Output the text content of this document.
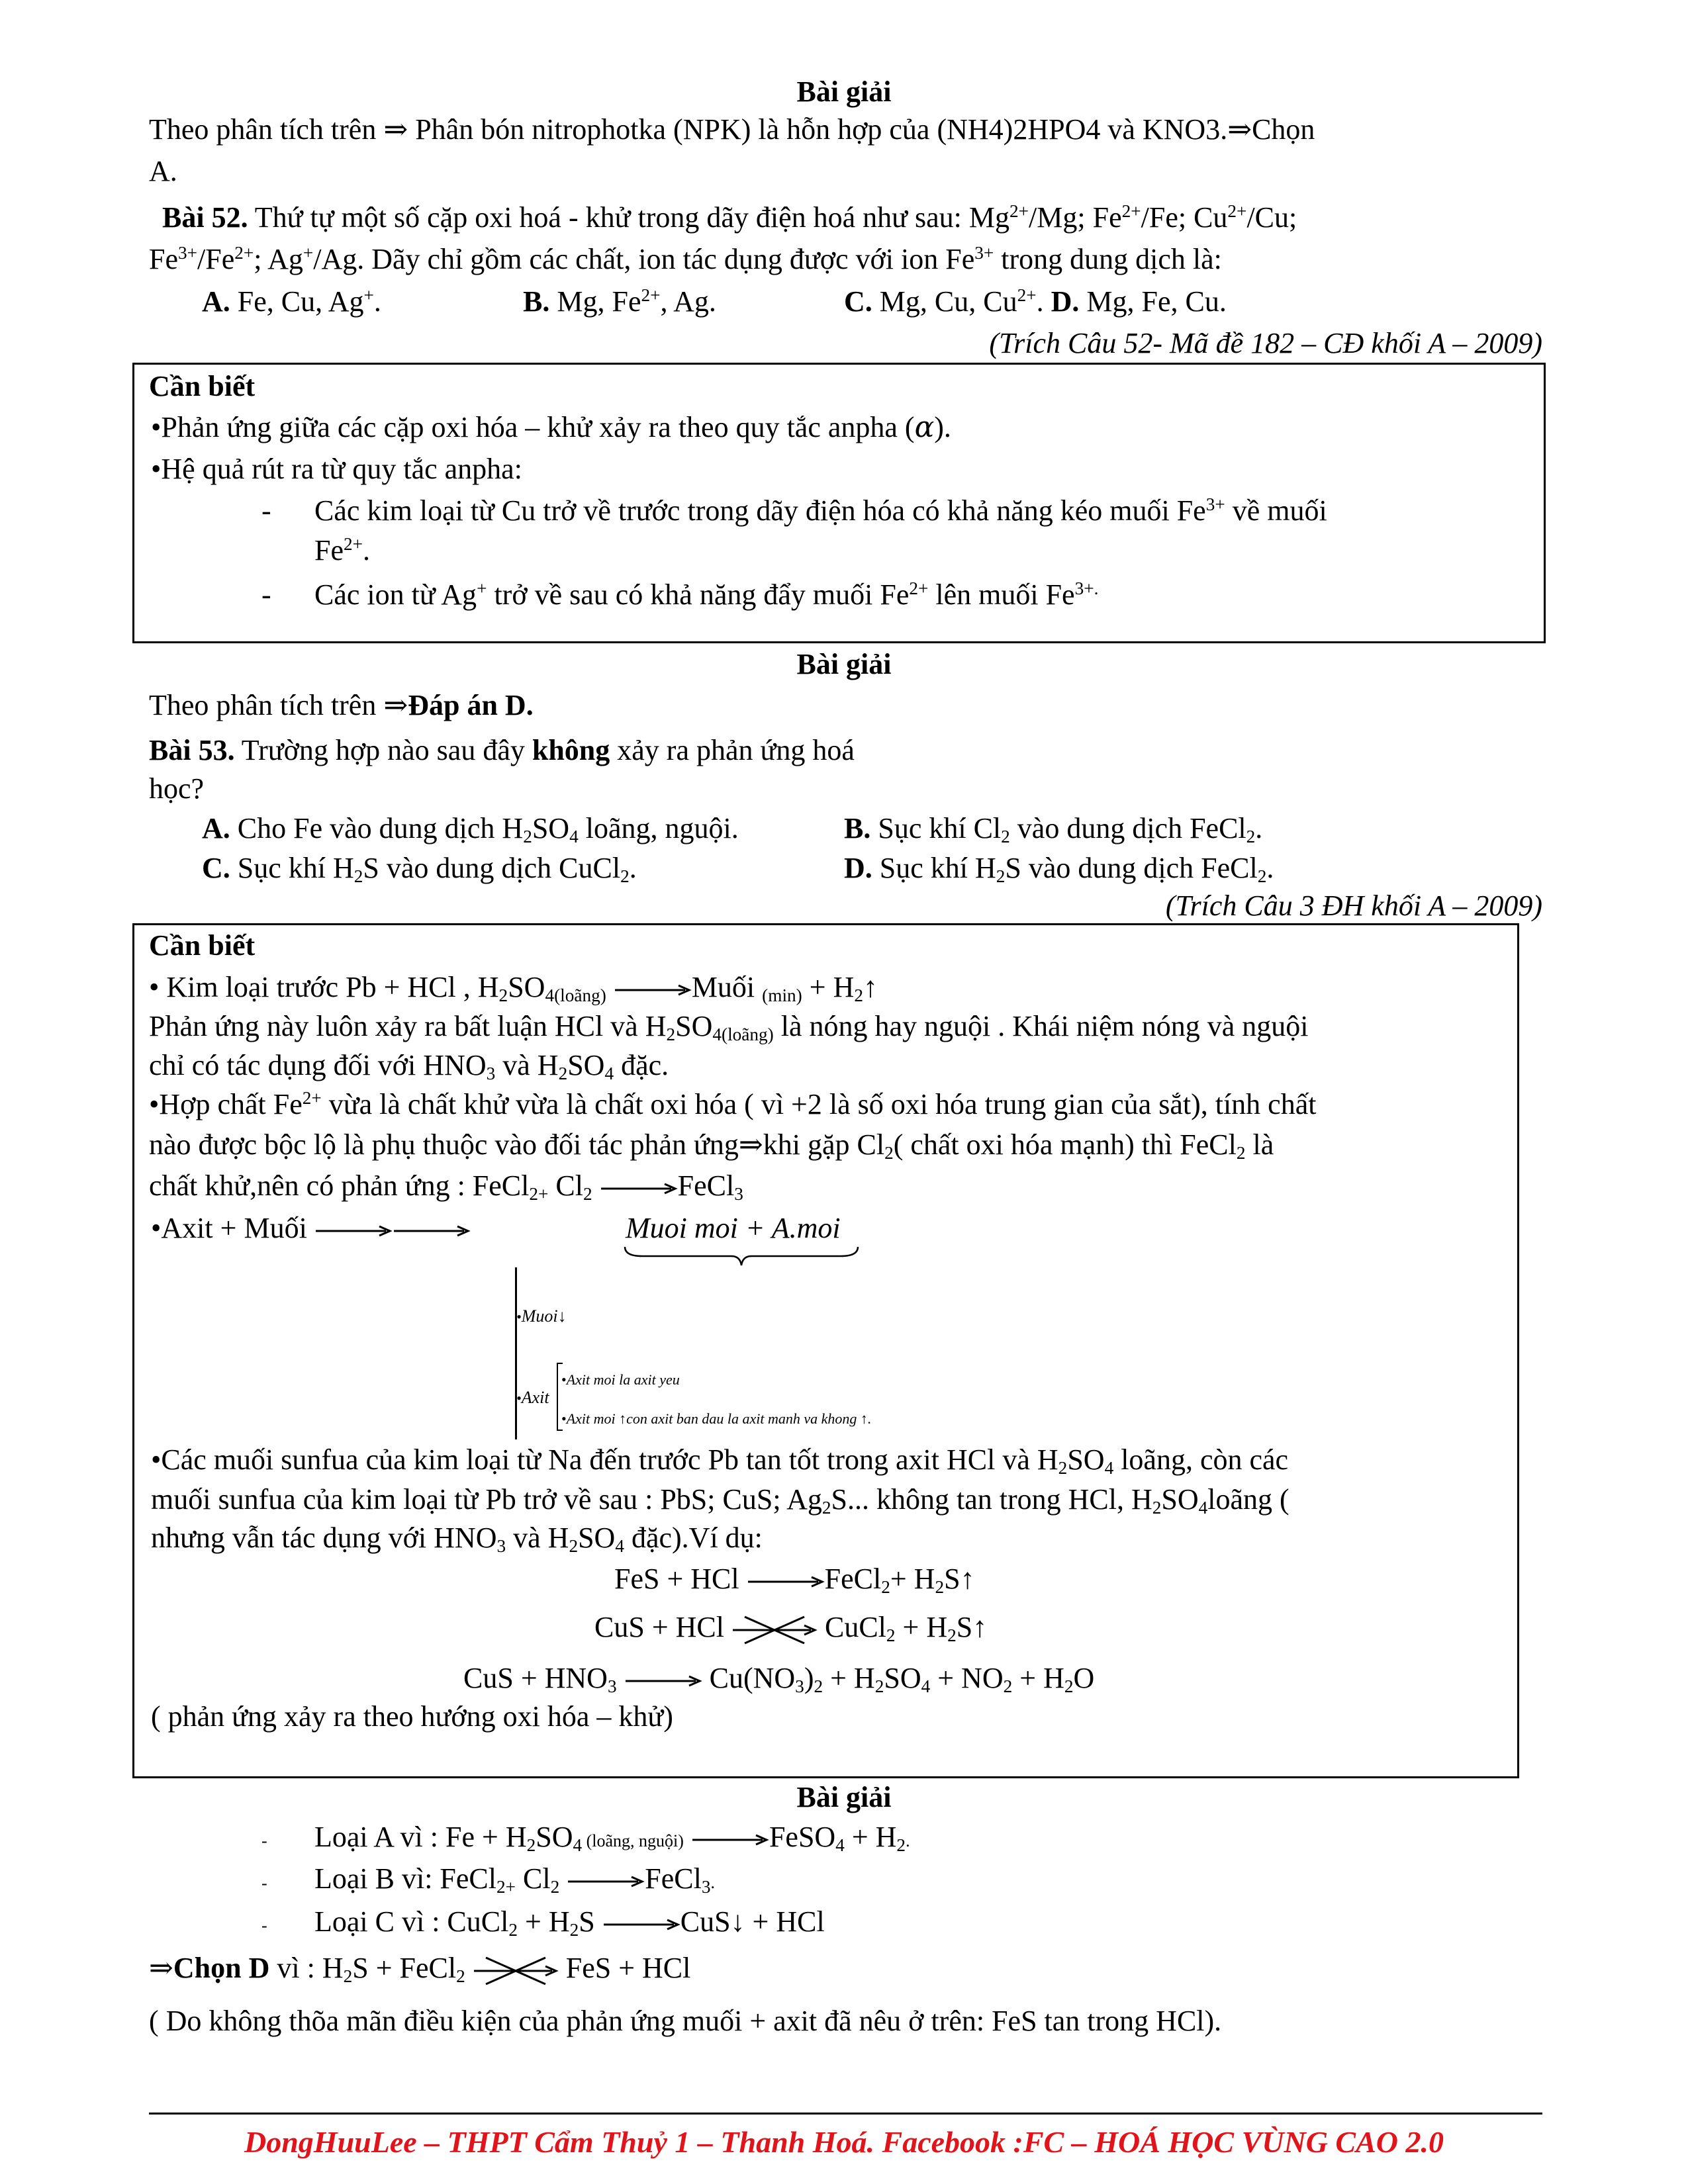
Bài giải
Theo phân tích trên ⇒ Phân bón nitrophotka (NPK) là hỗn hợp của (NH4)2HPO4 và KNO3.⇒Chọn
A.
Bài 52. Thứ tự một số cặp oxi hoá - khử trong dãy điện hoá như sau: $Mg^{2+}/Mg$; $Fe^{2+}/Fe$; $Cu^{2+}/Cu$;
$Fe^{3+}/Fe^{2+}$; Ag+/Ag. Dãy chỉ gồm các chất, ion tác dụng được với ion $Fe^{3+}$ trong dung dịch là:
A. Fe, Cu, Ag+.	B. Mg, $Fe^{2+}$, Ag.	C. Mg, Cu, $Cu^{2+}$. D. Mg, Fe, Cu.
(Trích Câu 52- Mã đề 182 – CĐ khối A – 2009)
Cần biết
•Phản ứng giữa các cặp oxi hóa – khử xảy ra theo quy tắc anpha (α).
•Hệ quả rút ra từ quy tắc anpha:
- Các kim loại từ Cu trở về trước trong dãy điện hóa có khả năng kéo muối $Fe^{3+}$ về muối
$Fe^{2+}$.
- Các ion từ Ag+ trở về sau có khả năng đẩy muối $Fe^{2+}$ lên muối $Fe^{3+.}$
Bài giải
Theo phân tích trên ⇒Đáp án D.
Bài 53. Trường hợp nào sau đây không xảy ra phản ứng hoá
học?
A. Cho Fe vào dung dịch $H_2SO_4$ loãng, nguội.	B. Sục khí $Cl_2$ vào dung dịch FeCl$_2$.
C. Sục khí $H_2S$ vào dung dịch CuCl$_2$.	D. Sục khí $H_2S$ vào dung dịch FeCl$_2$.
(Trích Câu 3 ĐH khối A – 2009)
Cần biết
• Kim loại trước Pb + HCl , $H_2SO_{4(loãng)}$ →Muối $_{(min)} + H_2↑$
Phản ứng này luôn xảy ra bất luận HCl và $H_2SO_{4(loãng)}$ là nóng hay nguội . Khái niệm nóng và nguội
chỉ có tác dụng đối với $HNO_3$ và $H_2SO_4$ đặc.
•Hợp chất $Fe^{2+}$ vừa là chất khử vừa là chất oxi hóa ( vì +2 là số oxi hóa trung gian của sắt), tính chất
nào được bộc lộ là phụ thuộc vào đối tác phản ứng⇒khi gặp $Cl_2$( chất oxi hóa mạnh) thì FeCl$_2$ là
chất khử,nên có phản ứng : FeCl$_{2+}$ $Cl_2$ →FeCl$_3$
•Axit + Muối	Muoi moi + A.moi
•Muoi↓
•Axit
•Axit moi la axit yeu
•Axit moi ↑con axit ban dau la axit manh va khong ↑.
•Các muối sunfua của kim loại từ Na đến trước Pb tan tốt trong axit HCl và $H_2SO_4$ loãng, còn các
muối sunfua của kim loại từ Pb trở về sau : PbS; CuS; $Ag_2S$... không tan trong HCl, $H_2SO_4loãng$ (
nhưng vẫn tác dụng với $HNO_3$ và $H_2SO_4$ đặc).Ví dụ:
FeS + HCl →FeCl$_2$+ $H_2S↑$
CuS + HCl	CuCl$_2$ + $H_2S↑$
CuS + $HNO_3 \to Cu(NO_3)_2 + H_2SO_4 + NO_2 + H_2O$
( phản ứng xảy ra theo hướng oxi hóa – khử)
Bài giải
- Loại A vì : $Fe + H_2SO_4$ (loãng, nguội) →FeSO$_4$ + $H_2$.
- Loại B vì: FeCl$_{2+}$ $Cl_2$ →FeCl$_3$.
- Loại C vì : CuCl$_2$ + $H_2S$ →CuS↓ + HCl
⇒Chọn D vì : $H_2S$ + FeCl$_2$	FeS + HCl
( Do không thõa mãn điều kiện của phản ứng muối + axit đã nêu ở trên: FeS tan trong HCl).
DongHuuLee – THPT Cẩm Thuỷ 1 – Thanh Hoá. Facebook :FC – HOÁ HỌC VÙNG CAO 2.0
